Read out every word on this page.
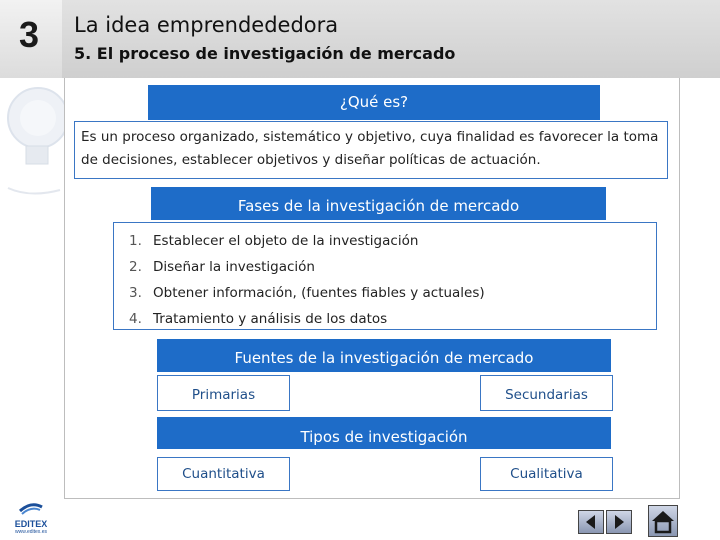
3	La idea emprendededora
5. El proceso de investigación de mercado
¿Qué es?
Es un proceso organizado, sistemático y objetivo, cuya finalidad es favorecer la toma de decisiones, establecer objetivos y diseñar políticas de actuación.
Fases de la investigación de mercado
1. Establecer el objeto de la investigación
2. Diseñar la investigación
3. Obtener información, (fuentes fiables y actuales)
4. Tratamiento y análisis de los datos
Fuentes de la investigación de mercado
Primarias	Secundarias
Tipos de investigación
Cuantitativa	Cualitativa
EDITEX
www.editex.es
